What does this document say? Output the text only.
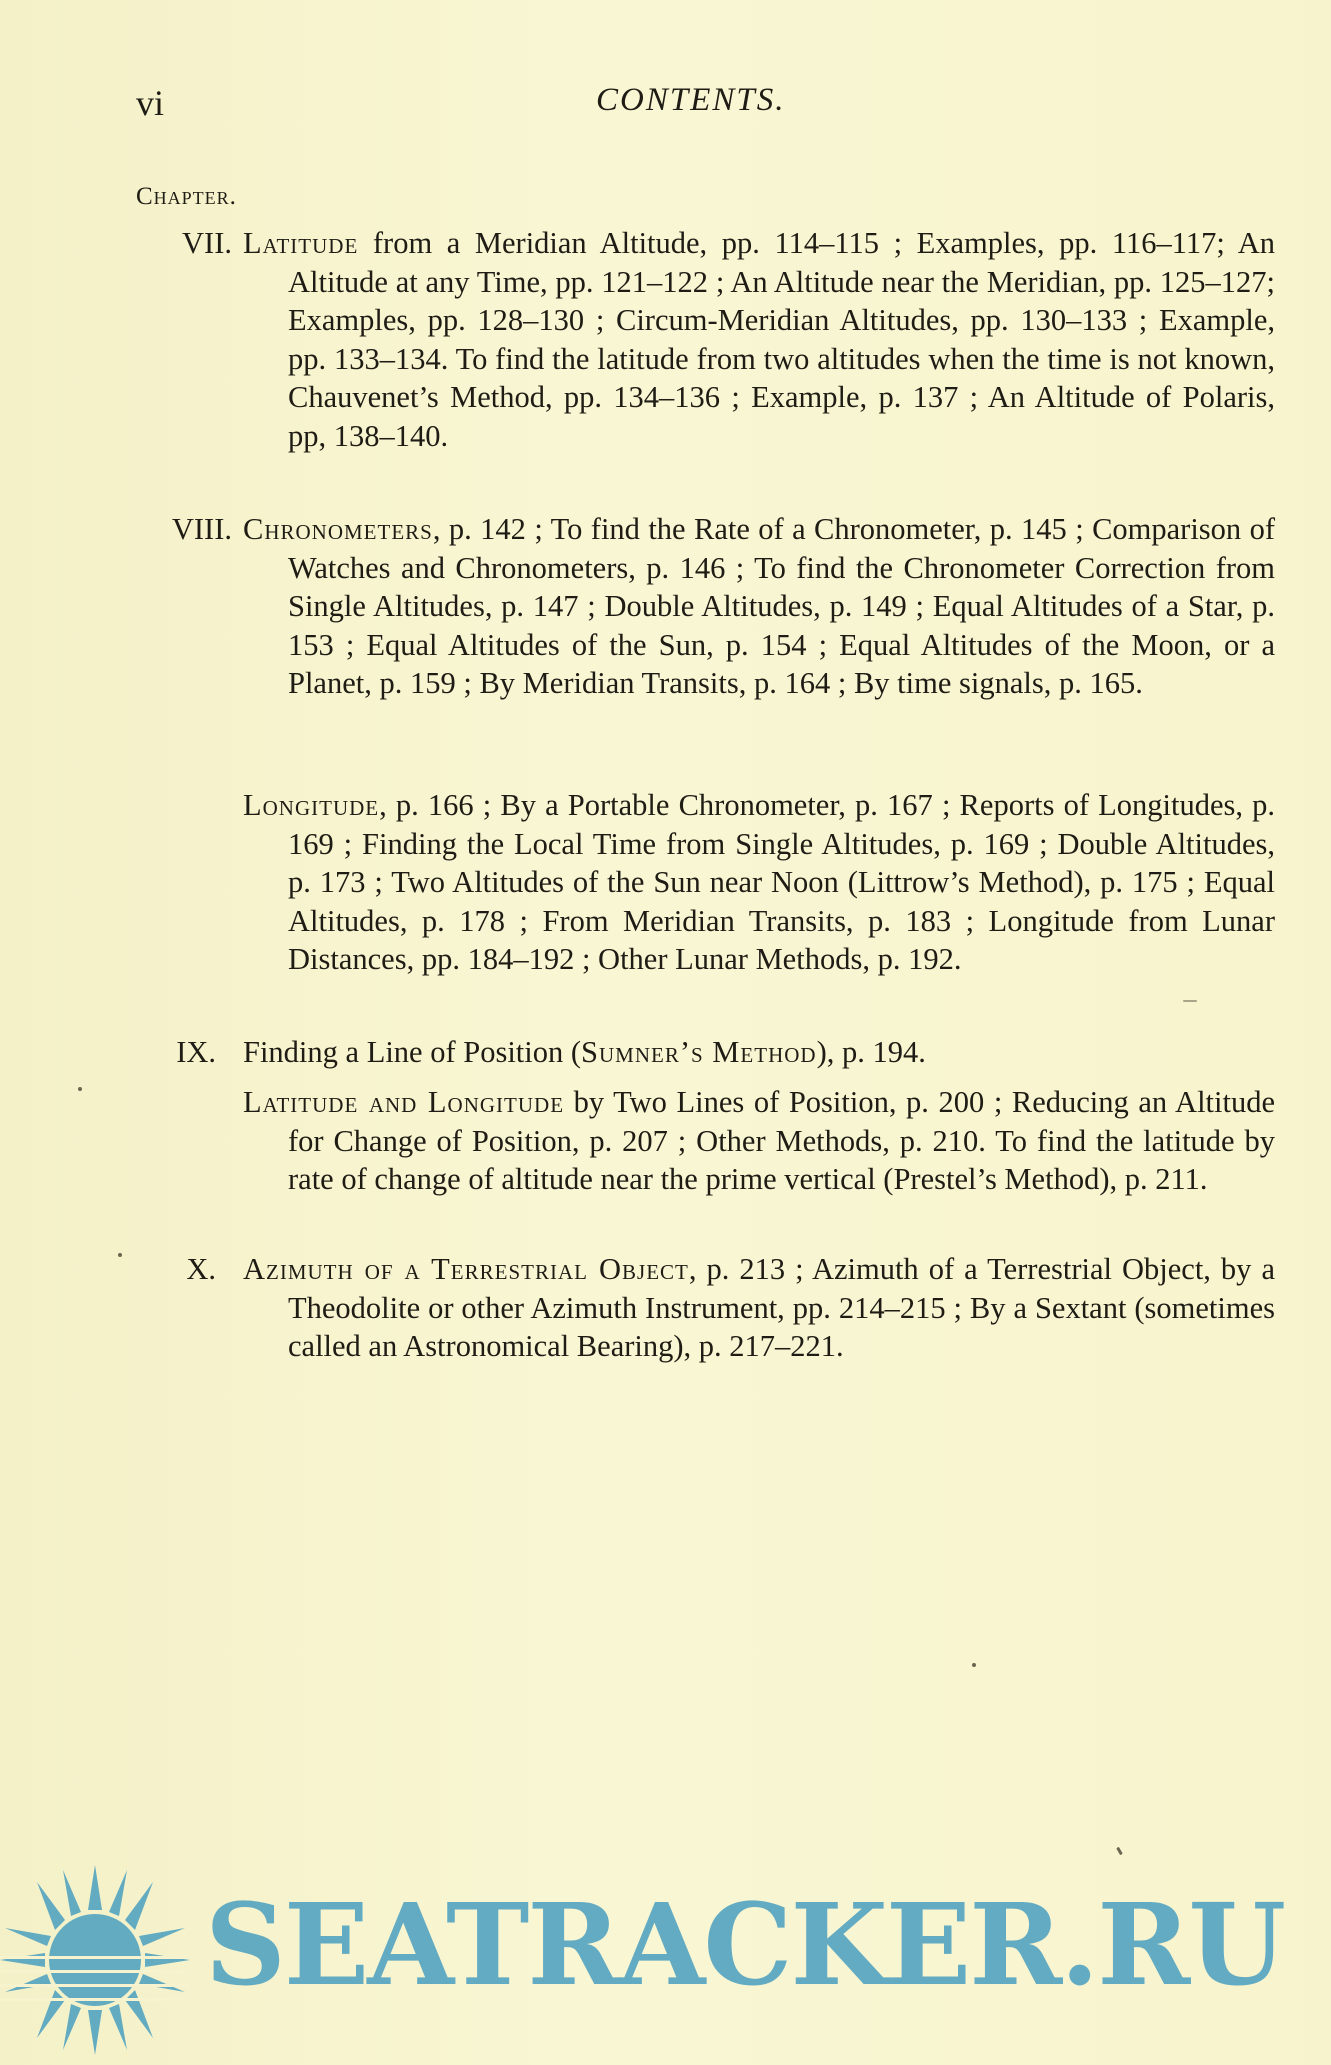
vi	CONTENTS.
Chapter.
VII. Latitude from a Meridian Altitude, pp. 114–115 ; Examples, pp. 116–117; An Altitude at any Time, pp. 121–122 ; An Altitude near the Meridian, pp. 125–127; Examples, pp. 128–130 ; Circum-Meridian Altitudes, pp. 130–133 ; Example, pp. 133–134. To find the latitude from two altitudes when the time is not known, Chauvenet’s Method, pp. 134–136 ; Example, p. 137 ; An Altitude of Polaris, pp, 138–140.
VIII. Chronometers, p. 142 ; To find the Rate of a Chronometer, p. 145 ; Comparison of Watches and Chronometers, p. 146 ; To find the Chronometer Correction from Single Altitudes, p. 147 ; Double Altitudes, p. 149 ; Equal Altitudes of a Star, p. 153 ; Equal Altitudes of the Sun, p. 154 ; Equal Altitudes of the Moon, or a Planet, p. 159 ; By Meridian Transits, p. 164 ; By time signals, p. 165.
Longitude, p. 166 ; By a Portable Chronometer, p. 167 ; Reports of Longitudes, p. 169 ; Finding the Local Time from Single Altitudes, p. 169 ; Double Altitudes, p. 173 ; Two Altitudes of the Sun near Noon (Littrow’s Method), p. 175 ; Equal Altitudes, p. 178 ; From Meridian Transits, p. 183 ; Longitude from Lunar Distances, pp. 184–192 ; Other Lunar Methods, p. 192.
IX. Finding a Line of Position (Sumner’s Method), p. 194.
Latitude and Longitude by Two Lines of Position, p. 200 ; Reducing an Altitude for Change of Position, p. 207 ; Other Methods, p. 210. To find the latitude by rate of change of altitude near the prime vertical (Prestel’s Method), p. 211.
X. Azimuth of a Terrestrial Object, p. 213 ; Azimuth of a Terrestrial Object, by a Theodolite or other Azimuth Instrument, pp. 214–215 ; By a Sextant (sometimes called an Astronomical Bearing), p. 217–221.
SEATRACKER.RU
